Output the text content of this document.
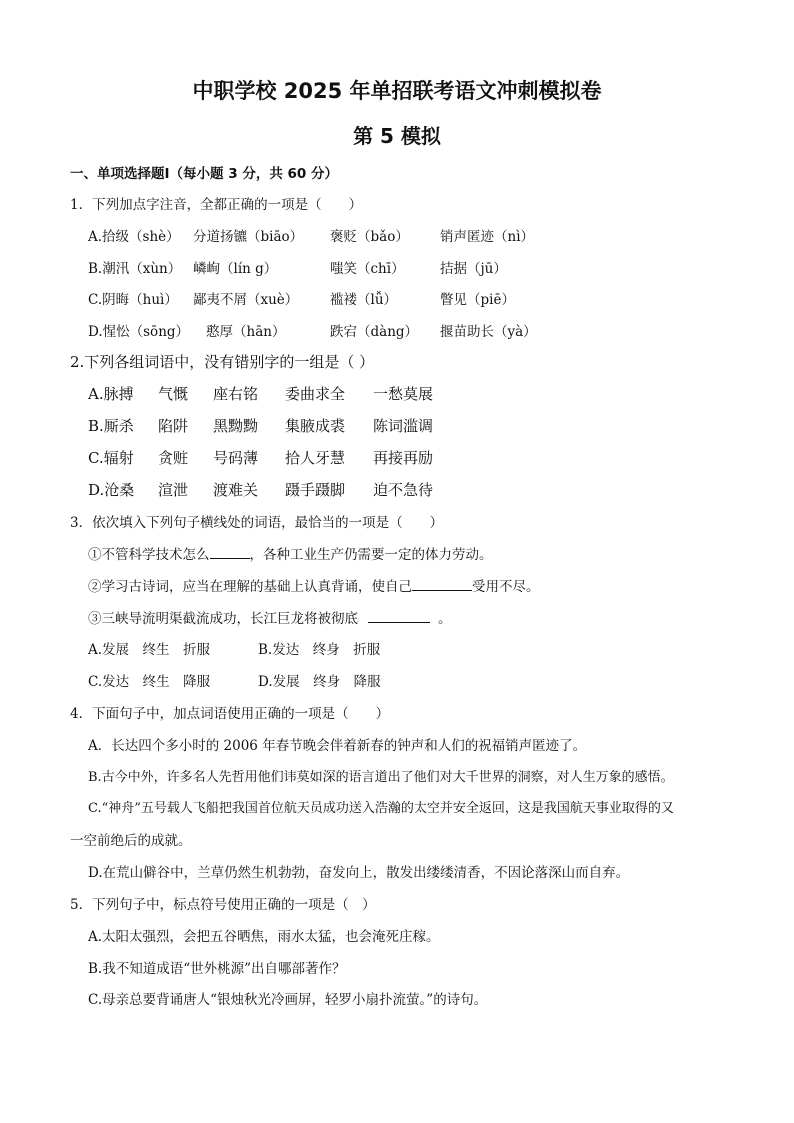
中职学校 2025 年单招联考语文冲刺模拟卷
第 5 模拟
一、单项选择题Ⅰ（每小题 3 分，共 60 分）
1．下列加点字注音，全都正确的一项是（　　）
A.拾级（shè） 分道扬镳（biāo）	褒贬（bǎo）	销声匿迹（nì）
B.潮汛（xùn） 嶙峋（lín g）	嗤笑（chī）	拮据（jū）
C.阴晦（huì）	鄙夷不屑（xuè）	褴褛（lǚ）	瞥见（piē）
D.惺忪（sōng）	憨厚（hān）	跌宕（dàng）	揠苗助长（yà）
2.下列各组词语中，没有错别字的一组是（ ）
A.脉搏	气慨	座右铭	委曲求全	一愁莫展
B.厮杀	陷阱	黑黝黝	集腋成裘	陈词滥调
C.辐射	贪赃	号码薄	拾人牙慧	再接再励
D.沧桑	渲泄	渡难关	蹑手蹑脚	迫不急待
3．依次填入下列句子横线处的词语，最恰当的一项是（　　）
①不管科学技术怎么	，各种工业生产仍需要一定的体力劳动。
②学习古诗词，应当在理解的基础上认真背诵，使自己	受用不尽。
③三峡导流明渠截流成功，长江巨龙将被彻底	。
A.发展　终生　折服	B.发达　终身　折服
C.发达　终生　降服	D.发展　终身　降服
4．下面句子中，加点词语使用正确的一项是（　　）
A．长达四个多小时的 2006 年春节晚会伴着新春的钟声和人们的祝福销声匿迹了。
B.古今中外，许多名人先哲用他们讳莫如深的语言道出了他们对大千世界的洞察，对人生万象的感悟。
C.“神舟”五号载人飞船把我国首位航天员成功送入浩瀚的太空并安全返回，这是我国航天事业取得的又
一空前绝后的成就。
D.在荒山僻谷中，兰草仍然生机勃勃，奋发向上，散发出缕缕清香，不因论落深山而自弃。
5．下列句子中，标点符号使用正确的一项是（　）
A.太阳太强烈，会把五谷晒焦，雨水太猛，也会淹死庄稼。
B.我不知道成语“世外桃源”出自哪部著作？
C.母亲总要背诵唐人“银烛秋光冷画屏，轻罗小扇扑流萤。”的诗句。
